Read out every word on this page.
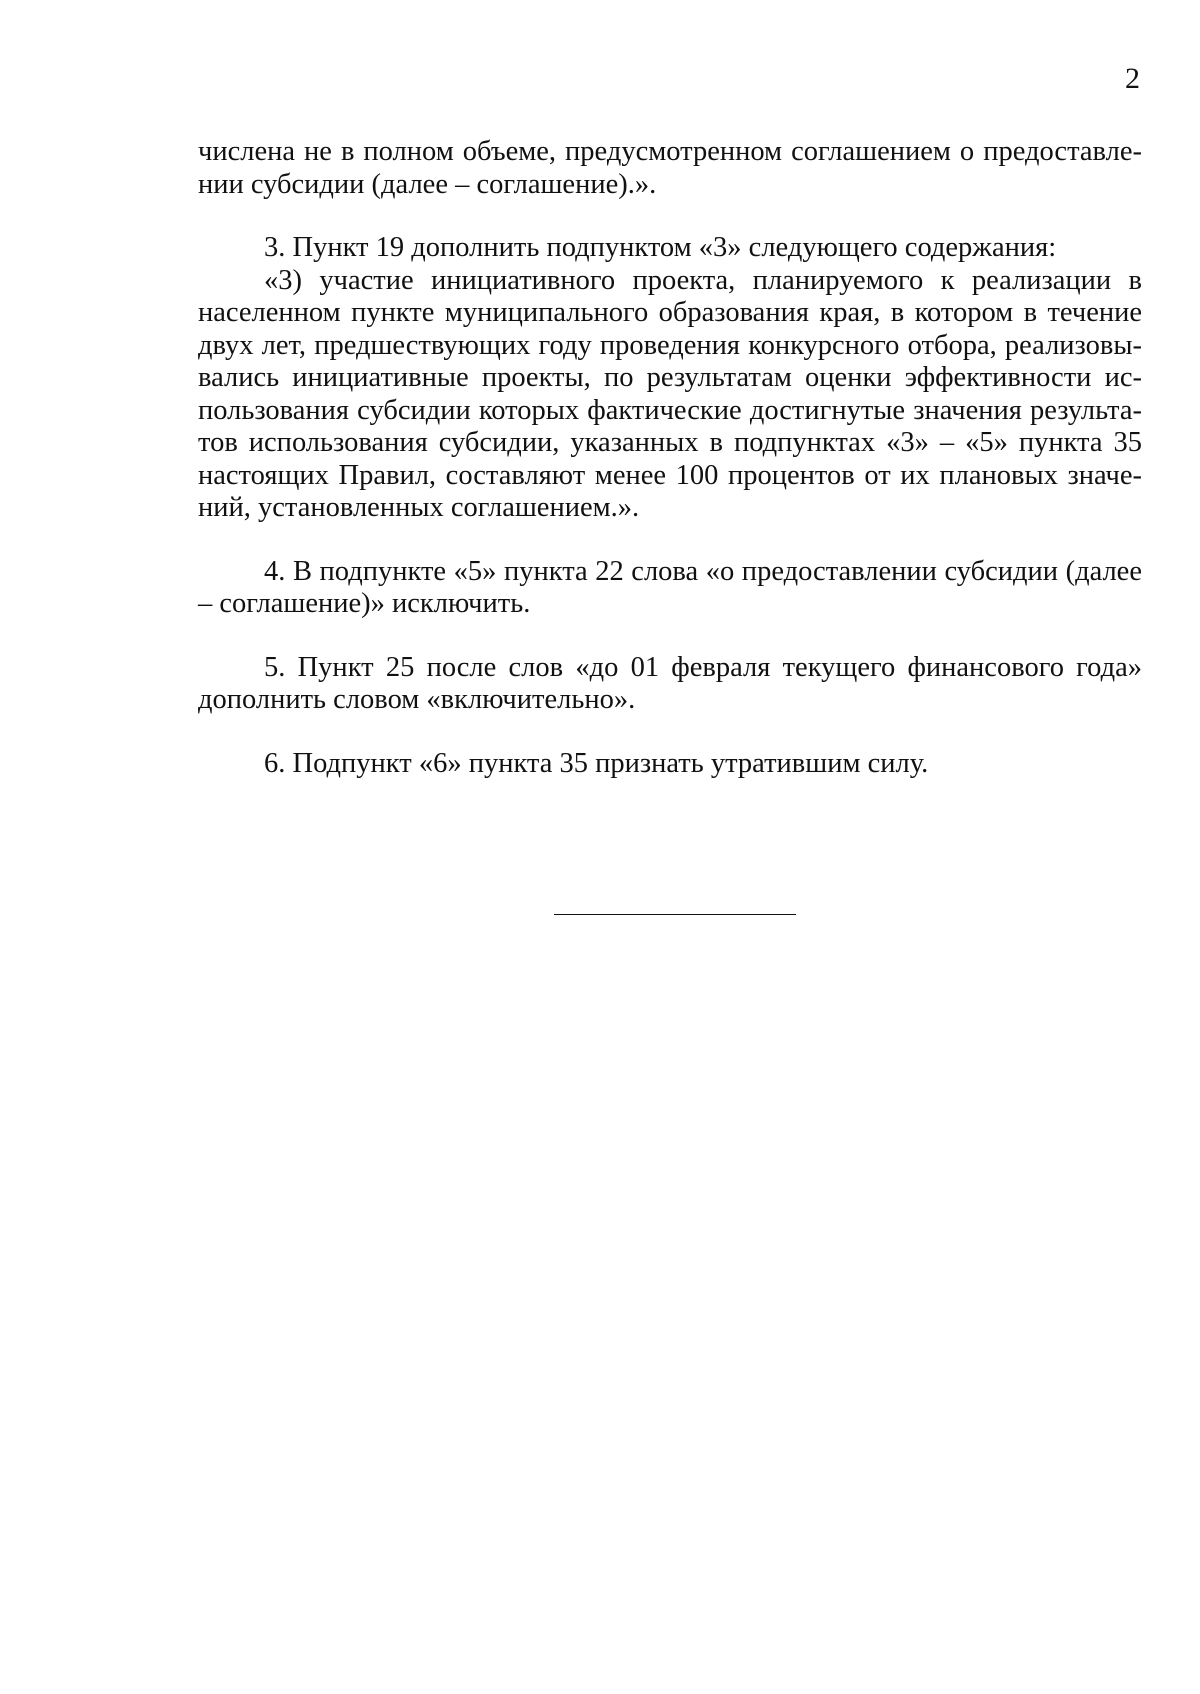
2

численa не в полном объеме, предусмотренном соглашением о предоставлении субсидии (далее – соглашение).».

3. Пункт 19 дополнить подпунктом «3» следующего содержания:

«3) участие инициативного проекта, планируемого к реализации в населенном пункте муниципального образования края, в котором в течение двух лет, предшествующих году проведения конкурсного отбора, реализовывались инициативные проекты, по результатам оценки эффективности использования субсидии которых фактические достигнутые значения результатов использования субсидии, указанных в подпунктах «3» – «5» пункта 35 настоящих Правил, составляют менее 100 процентов от их плановых значений, установленных соглашением.».

4. В подпункте «5» пункта 22 слова «о предоставлении субсидии (далее – соглашение)» исключить.

5. Пункт 25 после слов «до 01 февраля текущего финансового года» дополнить словом «включительно».

6. Подпункт «6» пункта 35 признать утратившим силу.
